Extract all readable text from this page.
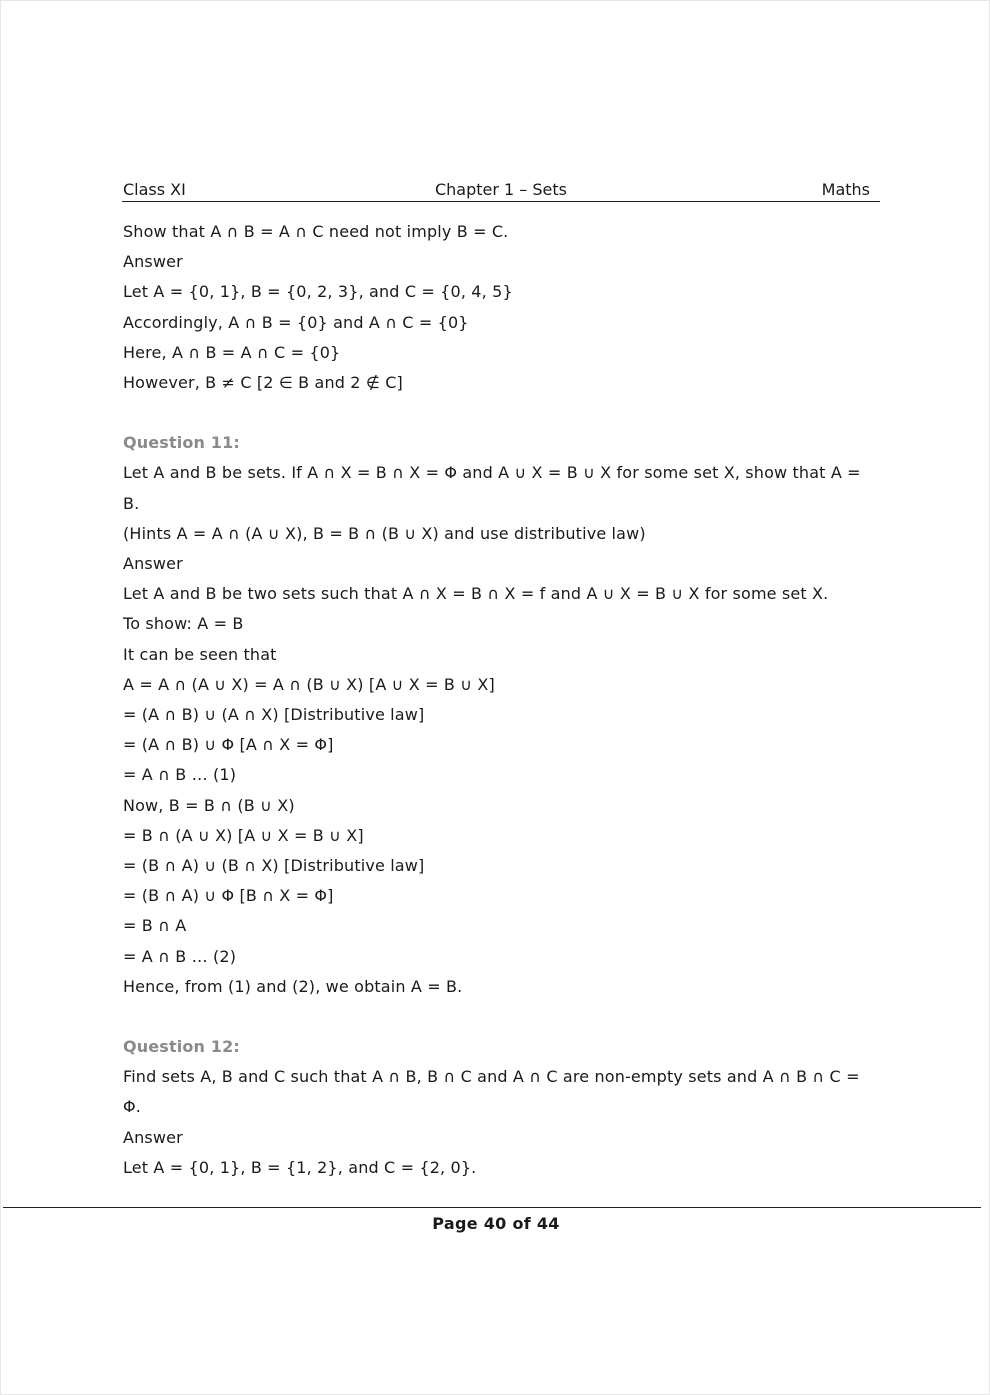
Class XI	Chapter 1 – Sets	Maths
Show that A ∩ B = A ∩ C need not imply B = C.
Answer
Let A = {0, 1}, B = {0, 2, 3}, and C = {0, 4, 5}
Accordingly, A ∩ B = {0} and A ∩ C = {0}
Here, A ∩ B = A ∩ C = {0}
However, B ≠ C [2 ∈ B and 2 ∉ C]
Question 11:
Let A and B be sets. If A ∩ X = B ∩ X = Φ and A ∪ X = B ∪ X for some set X, show that A = B.
(Hints A = A ∩ (A ∪ X), B = B ∩ (B ∪ X) and use distributive law)
Answer
Let A and B be two sets such that A ∩ X = B ∩ X = f and A ∪ X = B ∪ X for some set X.
To show: A = B
It can be seen that
A = A ∩ (A ∪ X) = A ∩ (B ∪ X) [A ∪ X = B ∪ X]
= (A ∩ B) ∪ (A ∩ X) [Distributive law]
= (A ∩ B) ∪ Φ [A ∩ X = Φ]
= A ∩ B … (1)
Now, B = B ∩ (B ∪ X)
= B ∩ (A ∪ X) [A ∪ X = B ∪ X]
= (B ∩ A) ∪ (B ∩ X) [Distributive law]
= (B ∩ A) ∪ Φ [B ∩ X = Φ]
= B ∩ A
= A ∩ B … (2)
Hence, from (1) and (2), we obtain A = B.
Question 12:
Find sets A, B and C such that A ∩ B, B ∩ C and A ∩ C are non-empty sets and A ∩ B ∩ C = Φ.
Answer
Let A = {0, 1}, B = {1, 2}, and C = {2, 0}.
Page 40 of 44
